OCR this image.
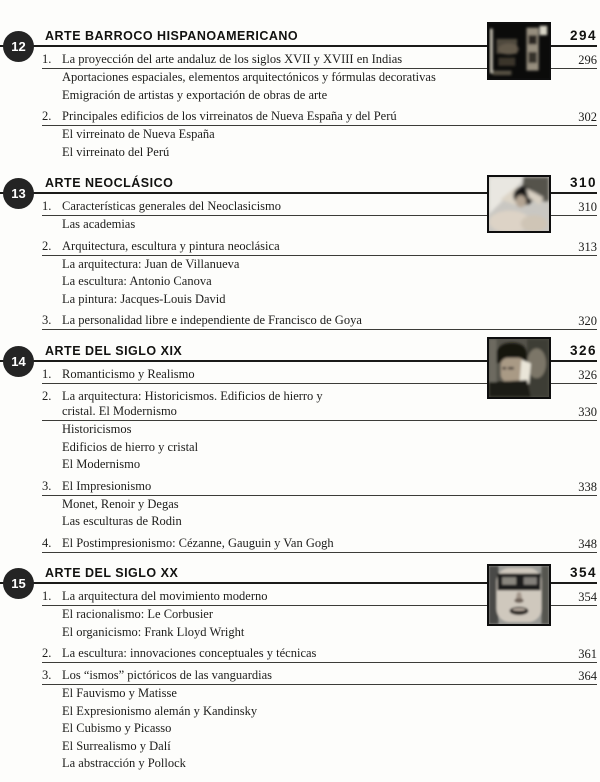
12
ARTE BARROCO HISPANOAMERICANO	294
1. La proyección del arte andaluz de los siglos XVII y XVIII en Indias	296
Aportaciones espaciales, elementos arquitectónicos y fórmulas decorativas
Emigración de artistas y exportación de obras de arte
2. Principales edificios de los virreinatos de Nueva España y del Perú	302
El virreinato de Nueva España
El virreinato del Perú
13
ARTE NEOCLÁSICO	310
1. Características generales del Neoclasicismo	310
Las academias
2. Arquitectura, escultura y pintura neoclásica	313
La arquitectura: Juan de Villanueva
La escultura: Antonio Canova
La pintura: Jacques-Louis David
3. La personalidad libre e independiente de Francisco de Goya	320
14
ARTE DEL SIGLO XIX	326
1. Romanticismo y Realismo	326
2. La arquitectura: Historicismos. Edificios de hierro y cristal. El Modernismo	330
Historicismos
Edificios de hierro y cristal
El Modernismo
3. El Impresionismo	338
Monet, Renoir y Degas
Las esculturas de Rodin
4. El Postimpresionismo: Cézanne, Gauguin y Van Gogh	348
15
ARTE DEL SIGLO XX	354
1. La arquitectura del movimiento moderno	354
El racionalismo: Le Corbusier
El organicismo: Frank Lloyd Wright
2. La escultura: innovaciones conceptuales y técnicas	361
3. Los “ismos” pictóricos de las vanguardias	364
El Fauvismo y Matisse
El Expresionismo alemán y Kandinsky
El Cubismo y Picasso
El Surrealismo y Dalí
La abstracción y Pollock
